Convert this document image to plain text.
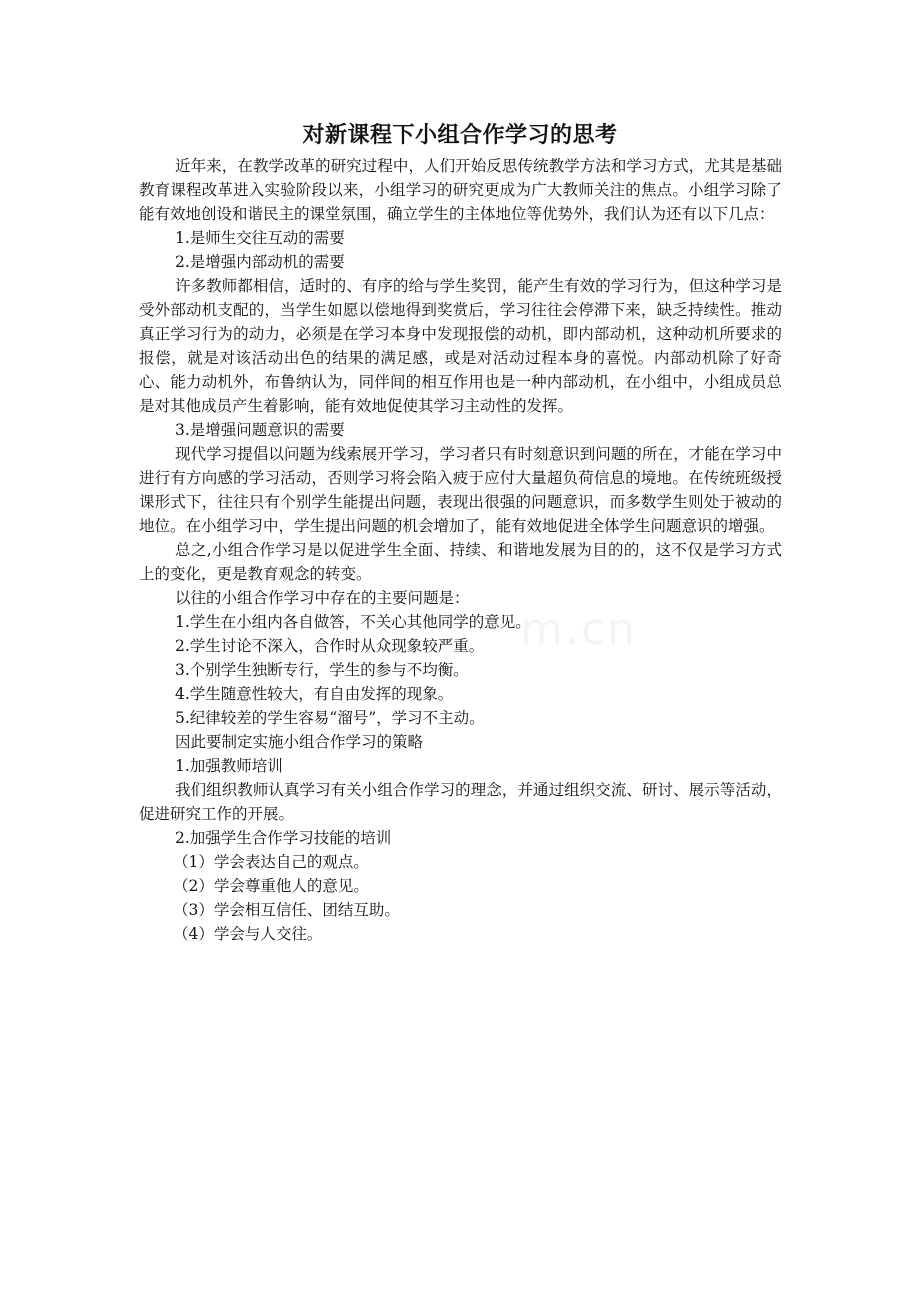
对新课程下小组合作学习的思考

近年来，在教学改革的研究过程中，人们开始反思传统教学方法和学习方式，尤其是基础教育课程改革进入实验阶段以来，小组学习的研究更成为广大教师关注的焦点。小组学习除了能有效地创设和谐民主的课堂氛围，确立学生的主体地位等优势外，我们认为还有以下几点：

1.是师生交往互动的需要

2.是增强内部动机的需要

许多教师都相信，适时的、有序的给与学生奖罚，能产生有效的学习行为，但这种学习是受外部动机支配的，当学生如愿以偿地得到奖赏后，学习往往会停滞下来，缺乏持续性。推动真正学习行为的动力，必须是在学习本身中发现报偿的动机，即内部动机，这种动机所要求的报偿，就是对该活动出色的结果的满足感，或是对活动过程本身的喜悦。内部动机除了好奇心、能力动机外，布鲁纳认为，同伴间的相互作用也是一种内部动机，在小组中，小组成员总是对其他成员产生着影响，能有效地促使其学习主动性的发挥。

3.是增强问题意识的需要

现代学习提倡以问题为线索展开学习，学习者只有时刻意识到问题的所在，才能在学习中进行有方向感的学习活动，否则学习将会陷入疲于应付大量超负荷信息的境地。在传统班级授课形式下，往往只有个别学生能提出问题，表现出很强的问题意识，而多数学生则处于被动的地位。在小组学习中，学生提出问题的机会增加了，能有效地促进全体学生问题意识的增强。

总之,小组合作学习是以促进学生全面、持续、和谐地发展为目的的，这不仅是学习方式上的变化，更是教育观念的转变。

以往的小组合作学习中存在的主要问题是：

1.学生在小组内各自做答，不关心其他同学的意见。

2.学生讨论不深入，合作时从众现象较严重。

3.个别学生独断专行，学生的参与不均衡。

4.学生随意性较大，有自由发挥的现象。

5.纪律较差的学生容易“溜号”，学习不主动。

因此要制定实施小组合作学习的策略

1.加强教师培训

我们组织教师认真学习有关小组合作学习的理念，并通过组织交流、研讨、展示等活动，促进研究工作的开展。

2.加强学生合作学习技能的培训

（1）学会表达自己的观点。

（2）学会尊重他人的意见。

（3）学会相互信任、团结互助。

（4）学会与人交往。

m.cn
